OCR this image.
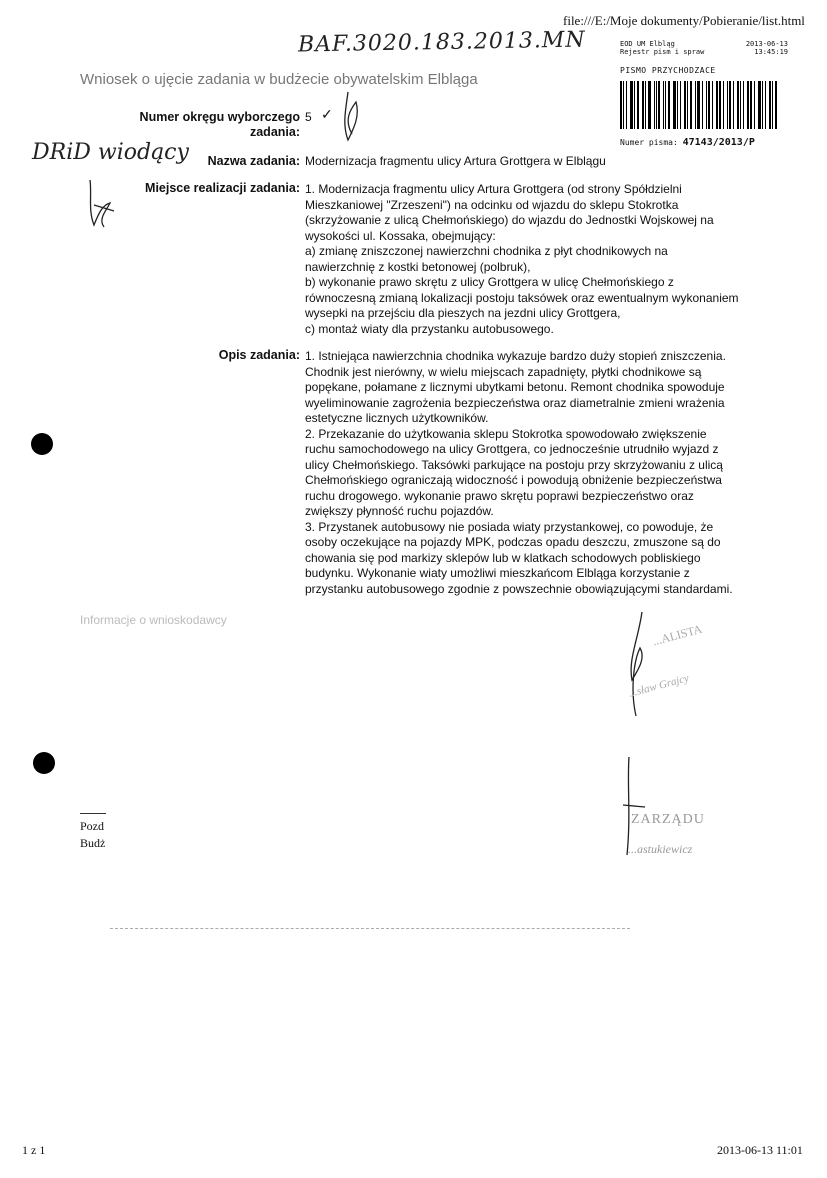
file:///E:/Moje dokumenty/Pobieranie/list.html
BAF.3020.183.2013.MN	EOD UM Elbląg	2013-06-13
Rejestr pism i spraw	13:45:19
PISMO PRZYCHODZACE
Numer pisma: 47143/2013/P
Wniosek o ujęcie zadania w budżecie obywatelskim Elbląga
Numer okręgu wyborczego zadania:
5 ✓
DRiD wiodący	Nazwa zadania: Modernizacja fragmentu ulicy Artura Grottgera w Elblągu
Miejsce realizacji zadania: 1. Modernizacja fragmentu ulicy Artura Grottgera (od strony Spółdzielni
Mieszkaniowej "Zrzeszeni") na odcinku od wjazdu do sklepu Stokrotka
(skrzyżowanie z ulicą Chełmońskiego) do wjazdu do Jednostki Wojskowej na
wysokości ul. Kossaka, obejmujący:
a) zmianę zniszczonej nawierzchni chodnika z płyt chodnikowych na
nawierzchnię z kostki betonowej (polbruk),
b) wykonanie prawo skrętu z ulicy Grottgera w ulicę Chełmońskiego z
równoczesną zmianą lokalizacji postoju taksówek oraz ewentualnym wykonaniem
wysepki na przejściu dla pieszych na jezdni ulicy Grottgera,
c) montaż wiaty dla przystanku autobusowego.
Opis zadania: 1. Istniejąca nawierzchnia chodnika wykazuje bardzo duży stopień zniszczenia.
Chodnik jest nierówny, w wielu miejscach zapadnięty, płytki chodnikowe są
popękane, połamane z licznymi ubytkami betonu. Remont chodnika spowoduje
wyeliminowanie zagrożenia bezpieczeństwa oraz diametralnie zmieni wrażenia
estetyczne licznych użytkowników.
2. Przekazanie do użytkowania sklepu Stokrotka spowodowało zwiększenie
ruchu samochodowego na ulicy Grottgera, co jednocześnie utrudniło wyjazd z
ulicy Chełmońskiego. Taksówki parkujące na postoju przy skrzyżowaniu z ulicą
Chełmońskiego ograniczają widoczność i powodują obniżenie bezpieczeństwa
ruchu drogowego. wykonanie prawo skrętu poprawi bezpieczeństwo oraz
zwiększy płynność ruchu pojazdów.
3. Przystanek autobusowy nie posiada wiaty przystankowej, co powoduje, że
osoby oczekujące na pojazdy MPK, podczas opadu deszczu, zmuszone są do
chowania się pod markizy sklepów lub w klatkach schodowych pobliskiego
budynku. Wykonanie wiaty umożliwi mieszkańcom Elbląga korzystanie z
przystanku autobusowego zgodnie z powszechnie obowiązującymi standardami.
Informacje o wnioskodawcy
...ALISTA
...sław Grajcy
ZARZĄDU
...astukiewicz
Pozd
Budż
1 z 1	2013-06-13 11:01
